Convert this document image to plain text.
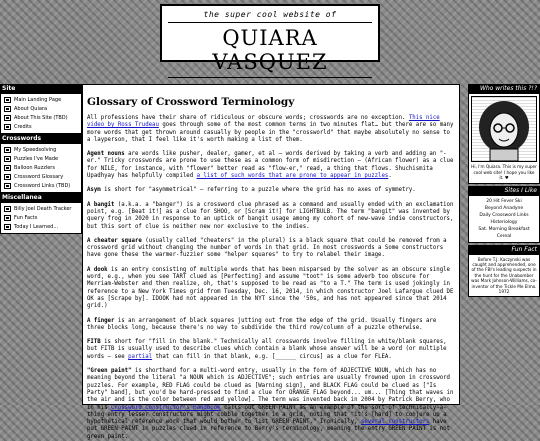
the super cool website of
QUIARA VASQUEZ
Site
Main Landing Page
About Quiara
About This Site (TBD)
Credits
Crosswords
My Speedsolving
Puzzles I've Made
Balloon Ruzzlers
Crossword Glossary
Crossword Links (TBD)
Miscellanea
Billy Joel Death Tracker
Fun Facts
Today I Learned...
Glossary of Crossword Terminology

All professions have their share of ridiculous or obscure words; crosswords are no exception. This nice video by Ross Trudeau goes through some of the most common terms in two minutes flat… but there are so many more words that get thrown around casually by people in the "crossworld" that maybe absolutely no sense to a layperson, that I feel like it's worth making a list of them.

Agent nouns are words like pusher, dealer, gamer, et al – words derived by taking a verb and adding an "-er." Tricky crosswords are prone to use these as a common form of misdirection – (African flower) as a clue for NILE, for instance, with "flower" better read as "flow-er," read, a thing that flows. Shuchismita Upadhyay has helpfully compiled a list of such words that are prone to appear in puzzles.

Asym is short for "asymmetrical" – referring to a puzzle where the grid has no axes of symmetry.

A bangit (a.k.a. a "banger") is a crossword clue phrased as a command and usually ended with an exclamation point, e.g. [Beat it!] as a clue for SHOO, or [Scram it!] for LIGHTBULB. The term "bangit" was invented by query frog in 2020 in response to an uptick of bangit usage among my cohort of new-wave indie constructors, but this sort of clue is neither new nor exclusive to the indies.

A cheater square (usually called "cheaters" in the plural) is a black square that could be removed from a crossword grid without changing the number of words in that grid. In most crosswords a Some constructors have gone these the warmer-fuzzier some "helper squares" to try to relabel their image.

A dook is an entry consisting of multiple words that has been misparsed by the solver as an obscure single word, e.g., when you see TART clued as [Perfecting] and assume "toot" is some adverb too obscure for Merriam-Webster and then realize, oh, that's supposed to be read as "to a T." The term is used jokingly in reference to a New York Times grid from Tuesday, Dec. 16, 2014, in which constructor Joel Lafargue clued DE OK as [Scrape by]. IDOOK had not appeared in the NYT since the '50s, and has not appeared since that 2014 grid.)

A finger is an arrangement of black squares jutting out from the edge of the grid. Usually fingers are three blocks long, because there's no way to subdivide the third row/column of a puzzle otherwise.

FITB is short for "fill in the blank." Technically all crosswords involve filling in white/blank squares, but FITB is usually used to describe clues which contain a blank whose answer will be a word (or multiple words – see partial that can fill in that blank, e.g. [______ circus] as a clue for FLEA.

"Green paint" is shorthand for a multi-word entry, usually in the form of ADJECTIVE NOUN, which has no meaning beyond the literal "a NOUN which is ADJECTIVE"; such entries are usually frowned upon in crossword puzzles. For example, RED FLAG could be clued as [Warning sign], and BLACK FLAG could be clued as ["Is Party" band], but you'd be hard-pressed to find a clue for ORANGE FLAG beyond... um... [Thing that waves in the air and is the color between red and yellow]. The term was invented back in 2004 by Patrick Berry, who in his Crossword Constructor's Handbook calls out GREEN PAINT as an example of the sort of technically-a-thing entry lesser constructors might cobble together in a grid, noting that "it's [hard] to conjure up a hypothetical reference work that would bother to list GREEN PAINT." Ironically, several constructors have put GREEN PAINT in puzzles clued in reference to Berry's terminology, meaning the entry GREEN PAINT is not green paint.

Who writes this ?!?
Hi, I'm Quiara. This is my super cool web site! I hope you like it. ♥
Sites I Like
20 Hit Fever Ski
Beyond Anadyne
Daily Crossword Links
Histeriology
Sat. Morning Breakfast Cereal
Fun Fact
Before T.J. Kaczynski was caught and apprehended, one of the FBI's leading suspects in the hunt for the Unabomber was Mark Johnson-Williams, co-inventor of the Tickle Me Elmo.
1972
